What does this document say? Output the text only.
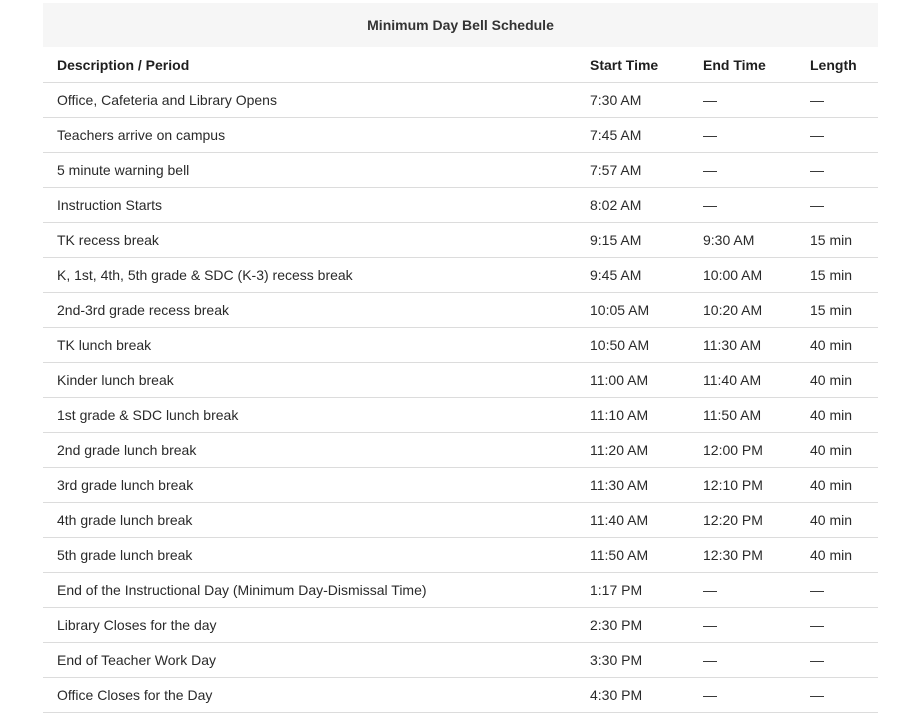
Minimum Day Bell Schedule
Description / Period	Start Time	End Time	Length
Office, Cafeteria and Library Opens	7:30 AM	—	—
Teachers arrive on campus	7:45 AM	—	—
5 minute warning bell	7:57 AM	—	—
Instruction Starts	8:02 AM	—	—
TK recess break	9:15 AM	9:30 AM	15 min
K, 1st, 4th, 5th grade & SDC (K-3) recess break	9:45 AM	10:00 AM	15 min
2nd-3rd grade recess break	10:05 AM	10:20 AM	15 min
TK lunch break	10:50 AM	11:30 AM	40 min
Kinder lunch break	11:00 AM	11:40 AM	40 min
1st grade & SDC lunch break	11:10 AM	11:50 AM	40 min
2nd grade lunch break	11:20 AM	12:00 PM	40 min
3rd grade lunch break	11:30 AM	12:10 PM	40 min
4th grade lunch break	11:40 AM	12:20 PM	40 min
5th grade lunch break	11:50 AM	12:30 PM	40 min
End of the Instructional Day (Minimum Day-Dismissal Time)	1:17 PM	—	—
Library Closes for the day	2:30 PM	—	—
End of Teacher Work Day	3:30 PM	—	—
Office Closes for the Day	4:30 PM	—	—
